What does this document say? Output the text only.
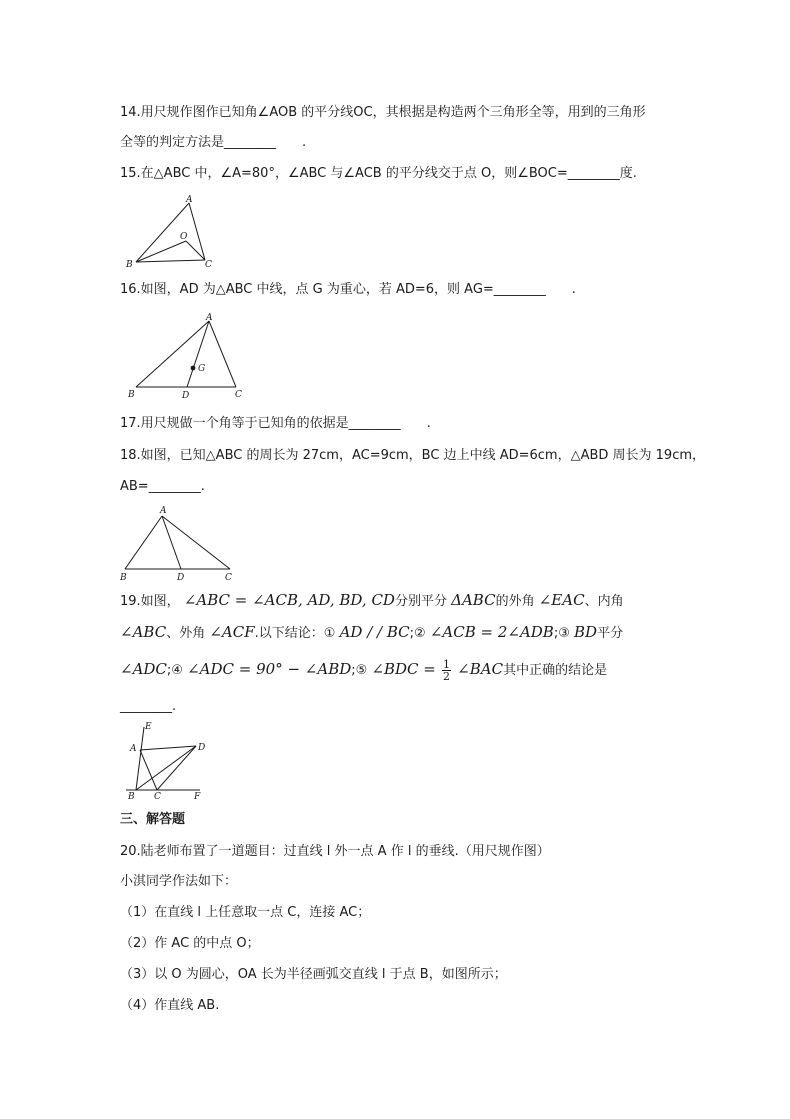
14.用尺规作图作已知角∠AOB 的平分线OC，其根据是构造两个三角形全等，用到的三角形
全等的判定方法是________　　.
15.在△ABC 中，∠A=80°，∠ABC 与∠ACB 的平分线交于点 O，则∠BOC=________度.
A
B	C
O
16.如图，AD 为△ABC 中线，点 G 为重心，若 AD=6，则 AG=________　　.
A
B	C
D
G
17.用尺规做一个角等于已知角的依据是________　　.
18.如图，已知△ABC 的周长为 27cm，AC=9cm，BC 边上中线 AD=6cm，△ABD 周长为 19cm，
AB=________.
A
B	C
D
19.如图， ∠ABC = ∠ACB, AD, BD, CD分别平分 ΔABC的外角 ∠EAC、内角
∠ABC、外角 ∠ACF.以下结论：① AD / / BC;② ∠ACB = 2∠ADB;③ BD平分
∠ADC;④ ∠ADC = 90° − ∠ABD;⑤ ∠BDC = $\frac{1}{2}$ ∠BAC其中正确的结论是
________.
E
A	D
B C	F
三、解答题
20.陆老师布置了一道题目：过直线 l 外一点 A 作 l 的垂线.（用尺规作图）
小淇同学作法如下：
（1）在直线 l 上任意取一点 C，连接 AC；
（2）作 AC 的中点 O；
（3）以 O 为圆心，OA 长为半径画弧交直线 l 于点 B，如图所示；
（4）作直线 AB.
